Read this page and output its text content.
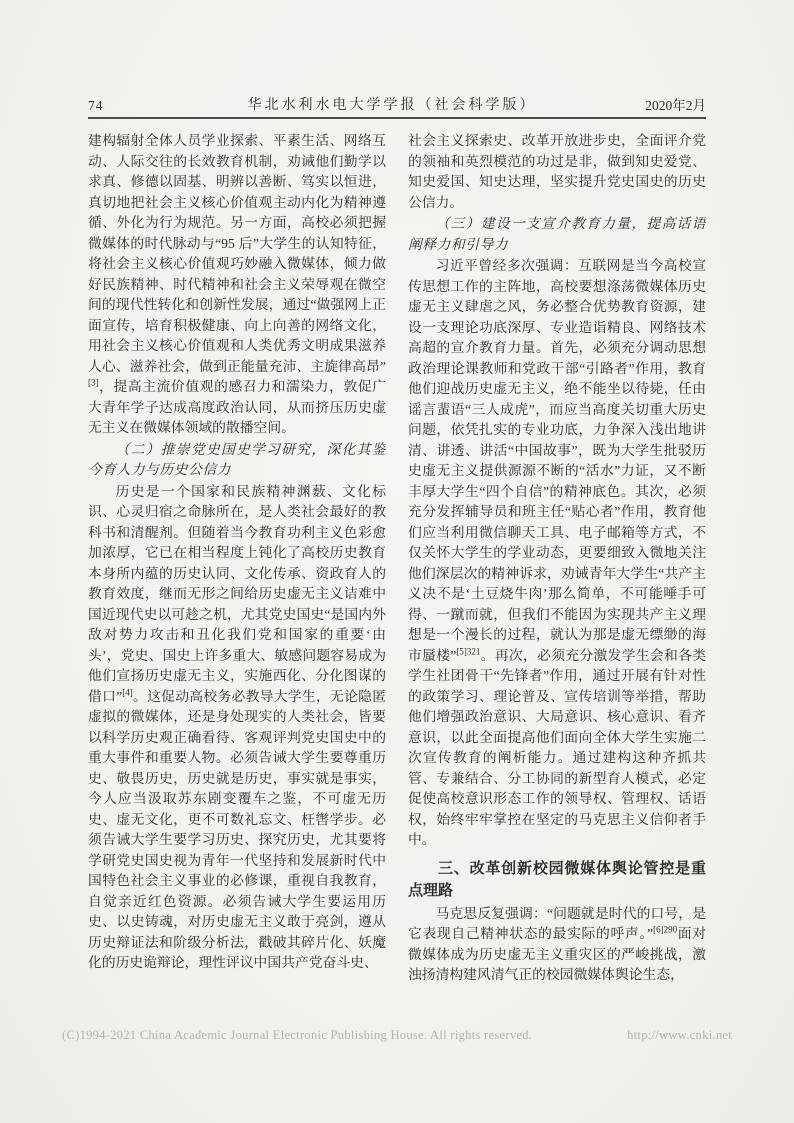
74	华北水利水电大学学报（社会科学版）	2020年2月

建构辐射全体人员学业探索、平素生活、网络互动、人际交往的长效教育机制，劝诫他们勤学以求真、修德以固基、明辨以善断、笃实以恒进，真切地把社会主义核心价值观主动内化为精神遵循、外化为行为规范。另一方面，高校必须把握微媒体的时代脉动与“95 后”大学生的认知特征，将社会主义核心价值观巧妙融入微媒体，倾力做好民族精神、时代精神和社会主义荣辱观在微空间的现代性转化和创新性发展，通过“做强网上正面宣传，培育积极健康、向上向善的网络文化，用社会主义核心价值观和人类优秀文明成果滋养人心、滋养社会，做到正能量充沛、主旋律高昂”[3]，提高主流价值观的感召力和濡染力，敦促广大青年学子达成高度政治认同，从而挤压历史虚无主义在微媒体领域的散播空间。

（二）推崇党史国史学习研究，深化其鉴今育人力与历史公信力

历史是一个国家和民族精神渊薮、文化标识、心灵归宿之命脉所在，是人类社会最好的教科书和清醒剂。但随着当今教育功利主义色彩愈加浓厚，它已在相当程度上钝化了高校历史教育本身所内蕴的历史认同、文化传承、资政育人的教育效度，继而无形之间给历史虚无主义诘难中国近现代史以可趁之机，尤其党史国史“是国内外敌对势力攻击和丑化我们党和国家的重要‘由头’，党史、国史上许多重大、敏感问题容易成为他们宣扬历史虚无主义，实施西化、分化图谋的借口”[4]。这促动高校务必教导大学生，无论隐匿虚拟的微媒体，还是身处现实的人类社会，皆要以科学历史观正确看待、客观评判党史国史中的重大事件和重要人物。必须告诫大学生要尊重历史、敬畏历史，历史就是历史，事实就是事实，今人应当汲取苏东剧变覆车之鉴，不可虚无历史、虚无文化，更不可数礼忘文、枉辔学步。必须告诫大学生要学习历史、探究历史，尤其要将学研党史国史视为青年一代坚持和发展新时代中国特色社会主义事业的必修课，重视自我教育，自觉亲近红色资源。必须告诫大学生要运用历史、以史铸魂，对历史虚无主义敢于亮剑，遵从历史辩证法和阶级分析法，戳破其碎片化、妖魔化的历史诡辩论，理性评议中国共产党奋斗史、

社会主义探索史、改革开放进步史，全面评介党的领袖和英烈模范的功过是非，做到知史爱党、知史爱国、知史达理，坚实提升党史国史的历史公信力。

（三）建设一支宣介教育力量，提高话语阐释力和引导力

习近平曾经多次强调：互联网是当今高校宣传思想工作的主阵地，高校要想涤荡微媒体历史虚无主义肆虐之风，务必整合优势教育资源，建设一支理论功底深厚、专业造诣精良、网络技术高超的宣介教育力量。首先，必须充分调动思想政治理论课教师和党政干部“引路者”作用，教育他们迎战历史虚无主义，绝不能坐以待毙，任由谣言蜚语“三人成虎”，而应当高度关切重大历史问题，依凭扎实的专业功底，力争深入浅出地讲清、讲透、讲活“中国故事”，既为大学生批驳历史虚无主义提供源源不断的“活水”力证，又不断丰厚大学生“四个自信”的精神底色。其次，必须充分发挥辅导员和班主任“贴心者”作用，教育他们应当利用微信聊天工具、电子邮箱等方式，不仅关怀大学生的学业动态，更要细致入微地关注他们深层次的精神诉求，劝诫青年大学生“共产主义决不是‘土豆烧牛肉’那么简单，不可能唾手可得、一蹴而就，但我们不能因为实现共产主义理想是一个漫长的过程，就认为那是虚无缥缈的海市蜃楼”$^{[5]321}$。再次，必须充分激发学生会和各类学生社团骨干“先锋者”作用，通过开展有针对性的政策学习、理论普及、宣传培训等举措，帮助他们增强政治意识、大局意识、核心意识、看齐意识，以此全面提高他们面向全体大学生实施二次宣传教育的阐析能力。通过建构这种齐抓共管、专兼结合、分工协同的新型育人模式，必定促使高校意识形态工作的领导权、管理权、话语权，始终牢牢掌控在坚定的马克思主义信仰者手中。

三、改革创新校园微媒体舆论管控是重点理路

马克思反复强调：“问题就是时代的口号，是它表现自己精神状态的最实际的呼声。”$^{[6]290}$面对微媒体成为历史虚无主义重灾区的严峻挑战，激浊扬清构建风清气正的校园微媒体舆论生态，

(C)1994-2021 China Academic Journal Electronic Publishing House. All rights reserved.	http://www.cnki.net
